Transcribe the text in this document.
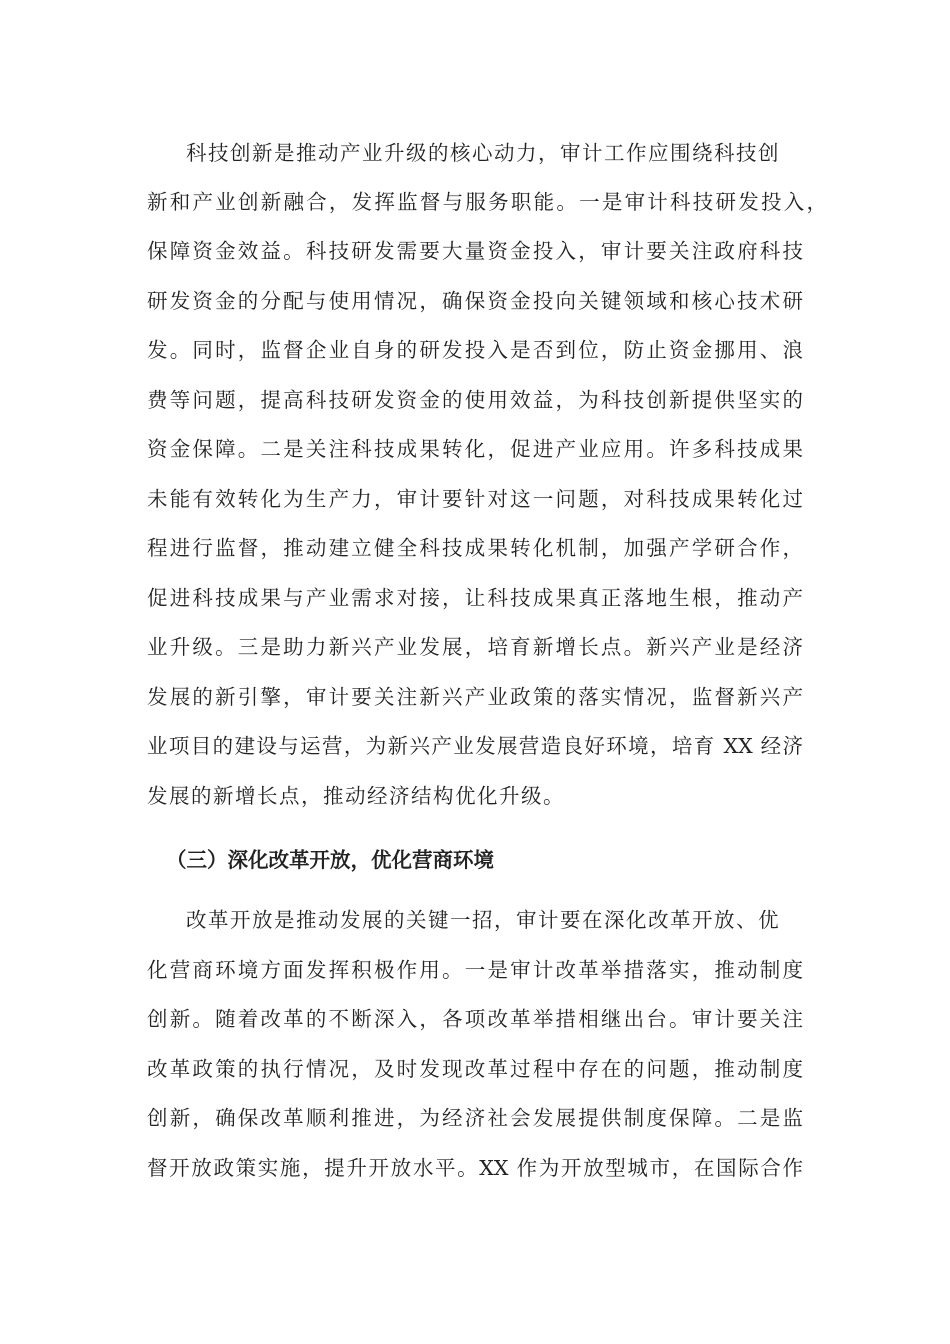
科技创新是推动产业升级的核心动力，审计工作应围绕科技创
新和产业创新融合，发挥监督与服务职能。一是审计科技研发投入，
保障资金效益。科技研发需要大量资金投入，审计要关注政府科技
研发资金的分配与使用情况，确保资金投向关键领域和核心技术研
发。同时，监督企业自身的研发投入是否到位，防止资金挪用、浪
费等问题，提高科技研发资金的使用效益，为科技创新提供坚实的
资金保障。二是关注科技成果转化，促进产业应用。许多科技成果
未能有效转化为生产力，审计要针对这一问题，对科技成果转化过
程进行监督，推动建立健全科技成果转化机制，加强产学研合作，
促进科技成果与产业需求对接，让科技成果真正落地生根，推动产
业升级。三是助力新兴产业发展，培育新增长点。新兴产业是经济
发展的新引擎，审计要关注新兴产业政策的落实情况，监督新兴产
业项目的建设与运营，为新兴产业发展营造良好环境，培育 XX 经济
发展的新增长点，推动经济结构优化升级。
（三）深化改革开放，优化营商环境
改革开放是推动发展的关键一招，审计要在深化改革开放、优
化营商环境方面发挥积极作用。一是审计改革举措落实，推动制度
创新。随着改革的不断深入，各项改革举措相继出台。审计要关注
改革政策的执行情况，及时发现改革过程中存在的问题，推动制度
创新，确保改革顺利推进，为经济社会发展提供制度保障。二是监
督开放政策实施，提升开放水平。XX 作为开放型城市，在国际合作
